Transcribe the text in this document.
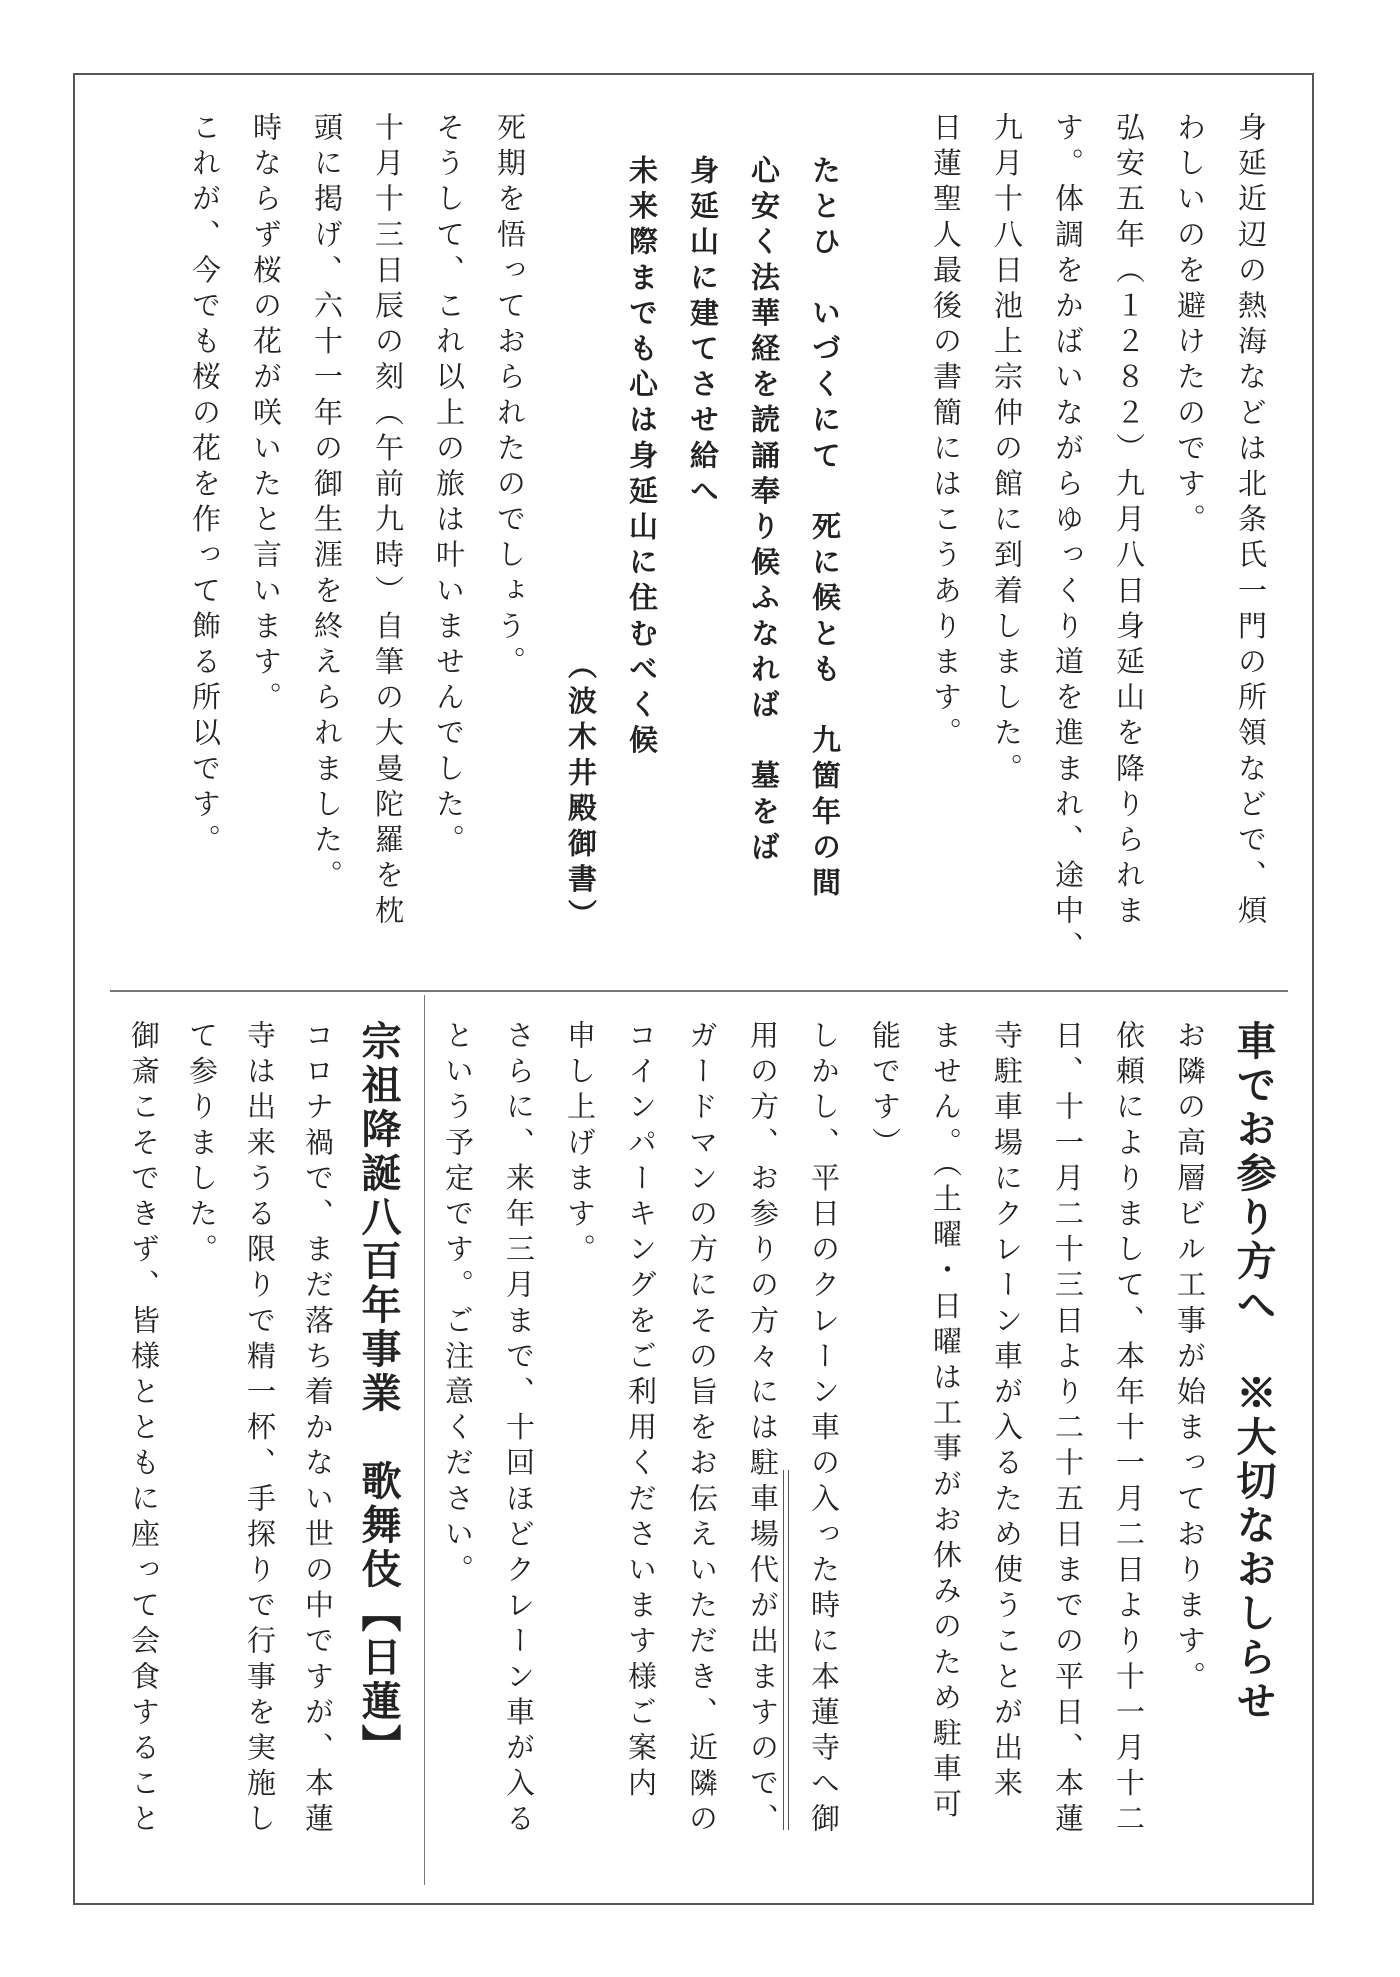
身延近辺の熱海などは北条氏一門の所領などで、煩
わしいのを避けたのです。
弘安五年（１２８２）九月八日身延山を降りられま
す。体調をかばいながらゆっくり道を進まれ、途中、
九月十八日池上宗仲の館に到着しました。
日蓮聖人最後の書簡にはこうあります。
たとひ　いづくにて　死に候とも　九箇年の間
心安く法華経を読誦奉り候ふなれば　墓をば
身延山に建てさせ給へ
未来際までも心は身延山に住むべく候
（波木井殿御書）
死期を悟っておられたのでしょう。
そうして、これ以上の旅は叶いませんでした。
十月十三日辰の刻（午前九時）自筆の大曼陀羅を枕
頭に掲げ、六十一年の御生涯を終えられました。
時ならず桜の花が咲いたと言います。
これが、今でも桜の花を作って飾る所以です。
車でお参り方へ　※大切なおしらせ
お隣の高層ビル工事が始まっております。
依頼によりまして、本年十一月二日より十一月十二
日、十一月二十三日より二十五日までの平日、本蓮
寺駐車場にクレーン車が入るため使うことが出来
ません。（土曜・日曜は工事がお休みのため駐車可
能です）
しかし、平日のクレーン車の入った時に本蓮寺へ御
用の方、お参りの方々には駐車場代が出ますので、
ガードマンの方にその旨をお伝えいただき、近隣の
コインパーキングをご利用くださいます様ご案内
申し上げます。
さらに、来年三月まで、十回ほどクレーン車が入る
という予定です。ご注意ください。
宗祖降誕八百年事業　歌舞伎【日蓮】
コロナ禍で、まだ落ち着かない世の中ですが、本蓮
寺は出来うる限りで精一杯、手探りで行事を実施し
て参りました。
御斎こそできず、皆様とともに座って会食すること
